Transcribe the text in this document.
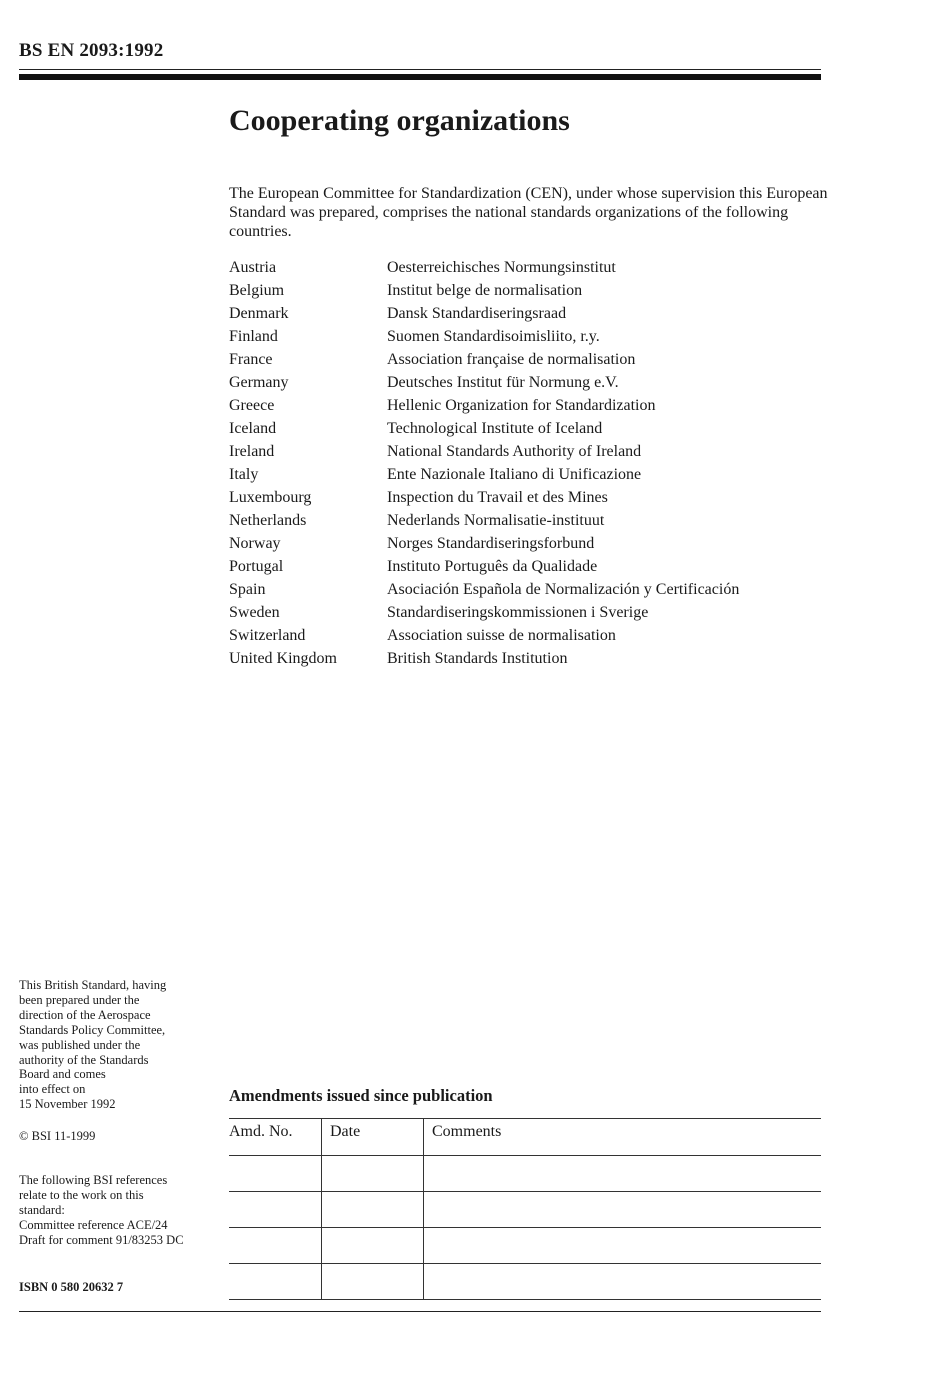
BS EN 2093:1992
Cooperating organizations

The European Committee for Standardization (CEN), under whose supervision this European Standard was prepared, comprises the national standards organizations of the following countries.

Austria	Oesterreichisches Normungsinstitut
Belgium	Institut belge de normalisation
Denmark	Dansk Standardiseringsraad
Finland	Suomen Standardisoimisliito, r.y.
France	Association française de normalisation
Germany	Deutsches Institut für Normung e.V.
Greece	Hellenic Organization for Standardization
Iceland	Technological Institute of Iceland
Ireland	National Standards Authority of Ireland
Italy	Ente Nazionale Italiano di Unificazione
Luxembourg	Inspection du Travail et des Mines
Netherlands	Nederlands Normalisatie-instituut
Norway	Norges Standardiseringsforbund
Portugal	Instituto Português da Qualidade
Spain	Asociación Española de Normalización y Certificación
Sweden	Standardiseringskommissionen i Sverige
Switzerland	Association suisse de normalisation
United Kingdom	British Standards Institution

This British Standard, having
been prepared under the
direction of the Aerospace
Standards Policy Committee,
was published under the
authority of the Standards
Board and comes
into effect on
15 November 1992

© BSI 11-1999

The following BSI references
relate to the work on this
standard:
Committee reference ACE/24
Draft for comment 91/83253 DC

ISBN 0 580 20632 7

Amendments issued since publication
Amd. No.	Date	Comments
